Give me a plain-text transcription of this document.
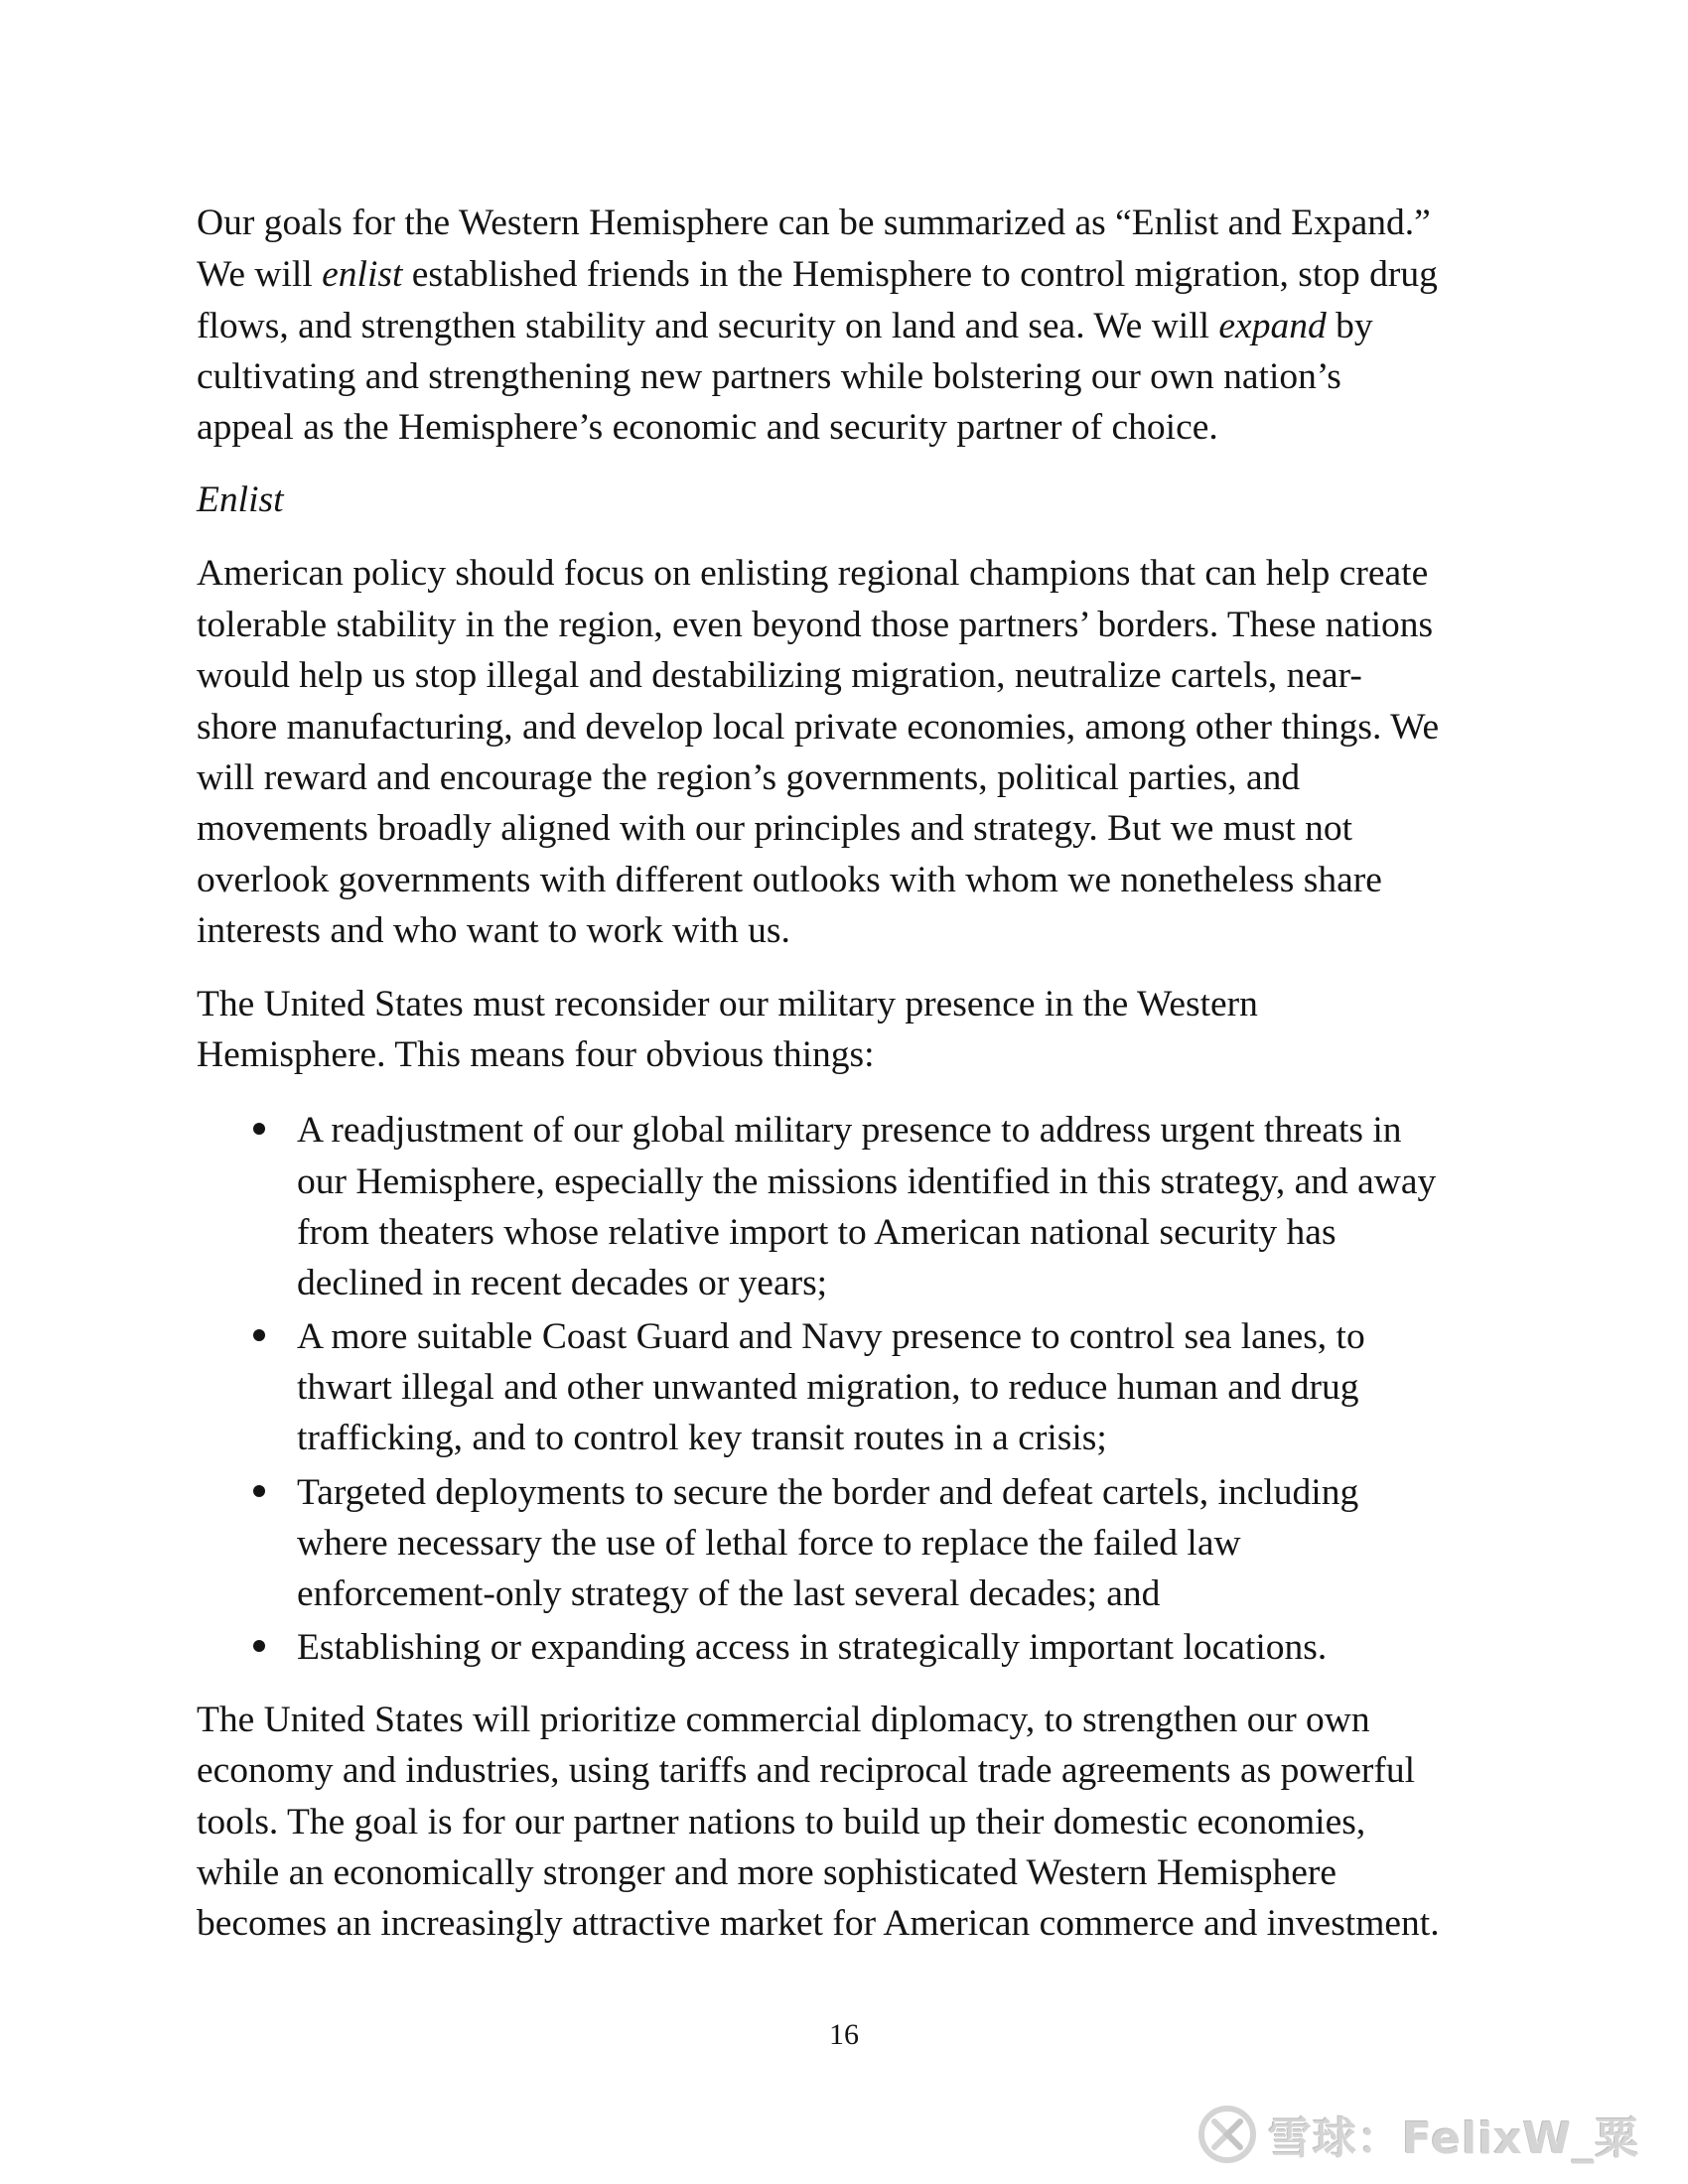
Our goals for the Western Hemisphere can be summarized as “Enlist and Expand.”
We will enlist established friends in the Hemisphere to control migration, stop drug
flows, and strengthen stability and security on land and sea. We will expand by
cultivating and strengthening new partners while bolstering our own nation’s
appeal as the Hemisphere’s economic and security partner of choice.
Enlist
American policy should focus on enlisting regional champions that can help create
tolerable stability in the region, even beyond those partners’ borders. These nations
would help us stop illegal and destabilizing migration, neutralize cartels, near-
shore manufacturing, and develop local private economies, among other things. We
will reward and encourage the region’s governments, political parties, and
movements broadly aligned with our principles and strategy. But we must not
overlook governments with different outlooks with whom we nonetheless share
interests and who want to work with us.
The United States must reconsider our military presence in the Western
Hemisphere. This means four obvious things:
A readjustment of our global military presence to address urgent threats in
our Hemisphere, especially the missions identified in this strategy, and away
from theaters whose relative import to American national security has
declined in recent decades or years;
A more suitable Coast Guard and Navy presence to control sea lanes, to
thwart illegal and other unwanted migration, to reduce human and drug
trafficking, and to control key transit routes in a crisis;
Targeted deployments to secure the border and defeat cartels, including
where necessary the use of lethal force to replace the failed law
enforcement-only strategy of the last several decades; and
Establishing or expanding access in strategically important locations.
The United States will prioritize commercial diplomacy, to strengthen our own
economy and industries, using tariffs and reciprocal trade agreements as powerful
tools. The goal is for our partner nations to build up their domestic economies,
while an economically stronger and more sophisticated Western Hemisphere
becomes an increasingly attractive market for American commerce and investment.
16
雪球：FelixW_粟
